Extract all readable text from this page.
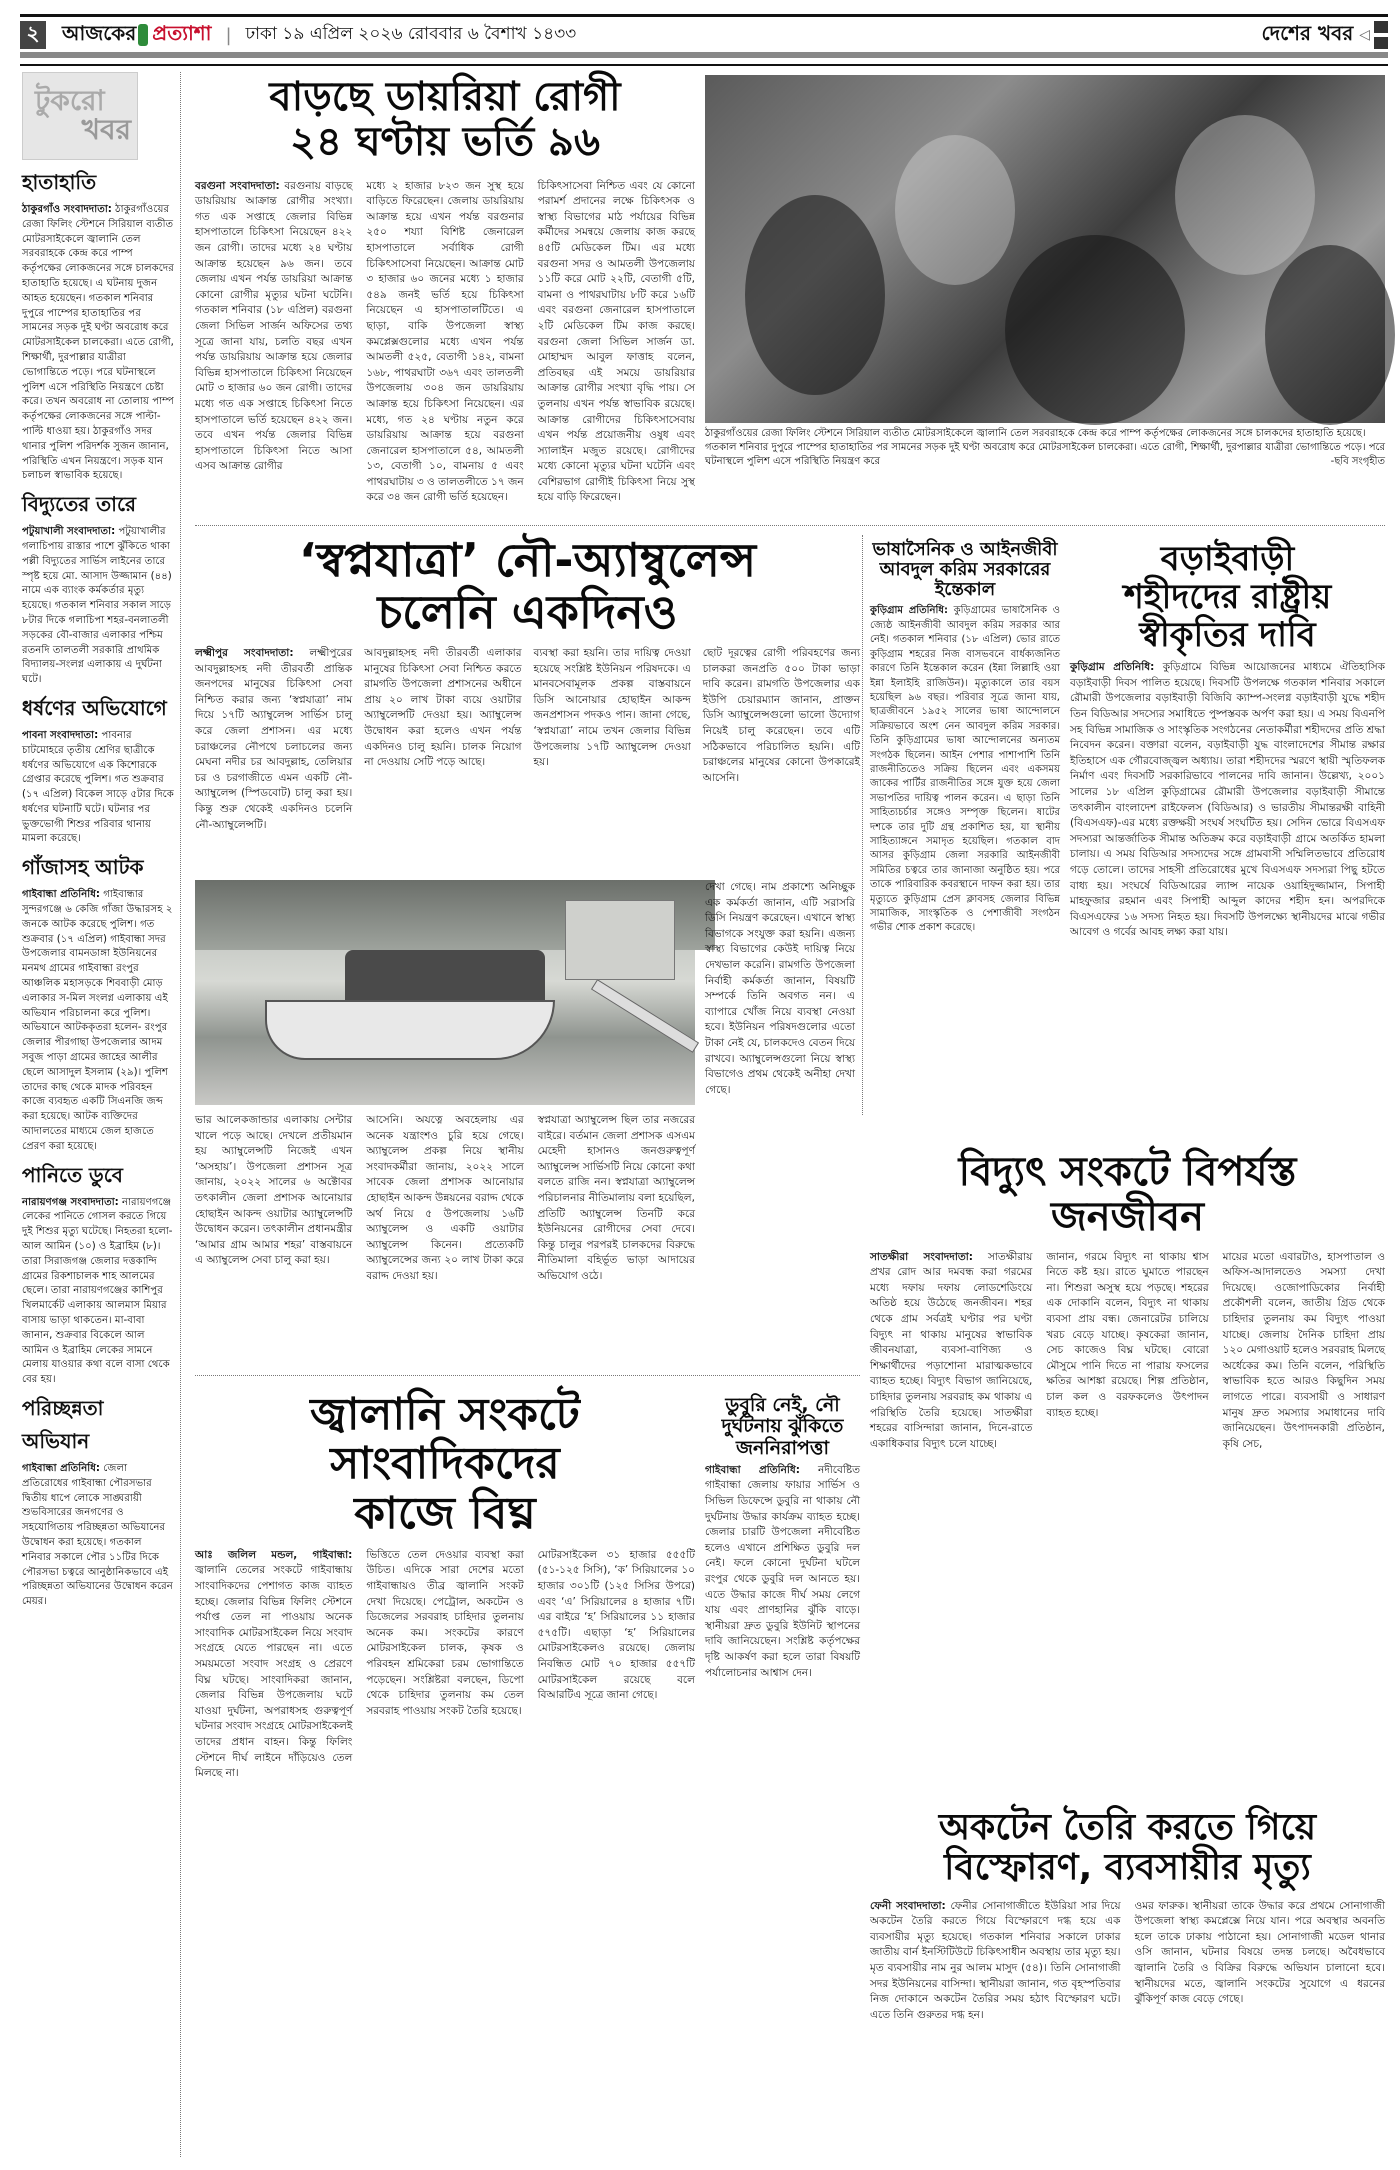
২	আজকের প্রত্যাশা | ঢাকা ১৯ এপ্রিল ২০২৬ রোববার ৬ বৈশাখ ১৪৩৩	দেশের খবর ◁
টুকরো
খবর
হাতাহাতি
ঠাকুরগাঁও সংবাদদাতা: ঠাকুরগাঁওয়ের রেজা ফিলিং স্টেশনে সিরিয়াল ব্যতীত মোটরসাইকেলে জ্বালানি তেল সরবরাহকে কেন্দ্র করে পাম্প কর্তৃপক্ষের লোকজনের সঙ্গে চালকদের হাতাহাতি হয়েছে। এ ঘটনায় দুজন আহত হয়েছেন। গতকাল শনিবার দুপুরে পাম্পের হাতাহাতির পর সামনের সড়ক দুই ঘণ্টা অবরোধ করে মোটরসাইকেল চালকেরা। এতে রোগী, শিক্ষার্থী, দুরপাল্লার যাত্রীরা ভোগান্তিতে পড়ে। পরে ঘটনাস্থলে পুলিশ এসে পরিস্থিতি নিয়ন্ত্রণে চেষ্টা করে। তখন অবরোধ না তোলায় পাম্প কর্তৃপক্ষের লোকজনের সঙ্গে পাল্টা-পাল্টি ধাওয়া হয়। ঠাকুরগাঁও সদর থানার পুলিশ পরিদর্শক সুজন জানান, পরিস্থিতি এখন নিয়ন্ত্রণে। সড়ক যান চলাচল স্বাভাবিক হয়েছে।
বিদ্যুতের তারে
পটুয়াখালী সংবাদদাতা: পটুয়াখালীর গলাচিপায় রাস্তার পাশে ঝুঁকিতে থাকা পল্লী বিদ্যুতের সার্ভিস লাইনের তারে স্পৃষ্ট হয়ে মো. আসাদ উজ্জামান (৪৪) নামে এক ব্যাংক কর্মকর্তার মৃত্যু হয়েছে। গতকাল শনিবার সকাল সাড়ে ৮টার দিকে গলাচিপা শহর-বনলাতলী সড়কের বৌ-বাজার এলাকার পশ্চিম রতনদি তালতলী সরকারি প্রাথমিক বিদ্যালয়-সংলগ্ন এলাকায় এ দুর্ঘটনা ঘটে।
ধর্ষণের অভিযোগে
পাবনা সংবাদদাতা: পাবনার চাটমোহরে তৃতীয় শ্রেণির ছাত্রীকে ধর্ষণের অভিযোগে এক কিশোরকে গ্রেপ্তার করেছে পুলিশ। গত শুক্রবার (১৭ এপ্রিল) বিকেল সাড়ে ৫টার দিকে ধর্ষণের ঘটনাটি ঘটে। ঘটনার পর ভুক্তভোগী শিশুর পরিবার থানায় মামলা করেছে।
গাঁজাসহ আটক
গাইবান্ধা প্রতিনিধি: গাইবান্ধার সুন্দরগঞ্জে ৬ কেজি গাঁজা উদ্ধারসহ ২ জনকে আটক করেছে পুলিশ। গত শুক্রবার (১৭ এপ্রিল) গাইবান্ধা সদর উপজেলার বামনডাঙ্গা ইউনিয়নের মনমথ গ্রামের গাইবান্ধা রংপুর আঞ্চলিক মহাসড়কে শিববাড়ী মোড় এলাকার স-মিল সংলগ্ন এলাকায় এই অভিযান পরিচালনা করে পুলিশ। অভিযানে আটককৃতরা হলেন- রংপুর জেলার পীরগাছা উপজেলার আদম সবুজ পাড়া গ্রামের জাহের আলীর ছেলে আসাদুল ইসলাম (২৯)। পুলিশ তাদের কাছ থেকে মাদক পরিবহন কাজে ব্যবহৃত একটি সিএনজি জব্দ করা হয়েছে। আটক ব্যক্তিদের আদালতের মাধ্যমে জেল হাজতে প্রেরণ করা হয়েছে।
পানিতে ডুবে
নারায়ণগঞ্জ সংবাদদাতা: নারায়ণগঞ্জে লেকের পানিতে গোসল করতে গিয়ে দুই শিশুর মৃত্যু ঘটেছে। নিহতরা হলো- আল আমিন (১০) ও ইব্রাহিম (৮)। তারা সিরাজগঞ্জ জেলার দত্তকান্দি গ্রামের রিকশাচালক শাহ আলমের ছেলে। তারা নারায়ণগঞ্জের কাশিপুর খিলমার্কেট এলাকায় আলমাস মিয়ার বাসায় ভাড়া থাকতেন। মা-বাবা জানান, শুক্রবার বিকেলে আল আমিন ও ইব্রাহিম লেকের সামনে মেলায় যাওয়ার কথা বলে বাসা থেকে বের হয়।
পরিচ্ছন্নতা অভিযান
গাইবান্ধা প্রতিনিধি: জেলা প্রতিরোধের গাইবান্ধা পৌরসভার দ্বিতীয় ধাপে লোকে সাঙ্ঘরায়ী শুভবিসারের জনগণের ও সহযোগিতায় পরিচ্ছন্নতা অভিযানের উদ্বোধন করা হয়েছে। গতকাল শনিবার সকালে পৌর ১১টির দিকে পৌরসভা চত্বরে আনুষ্ঠানিকভাবে এই পরিচ্ছন্নতা অভিযানের উদ্বোধন করেন মেয়র।
বাড়ছে ডায়রিয়া রোগী
২৪ ঘণ্টায় ভর্তি ৯৬
বরগুনা সংবাদদাতা: বরগুনায় বাড়ছে ডায়রিয়ায় আক্রান্ত রোগীর সংখ্যা। গত এক সপ্তাহে জেলার বিভিন্ন হাসপাতালে চিকিৎসা নিয়েছেন ৪২২ জন রোগী। তাদের মধ্যে ২৪ ঘণ্টায় আক্রান্ত হয়েছেন ৯৬ জন। তবে জেলায় এখন পর্যন্ত ডায়রিয়া আক্রান্ত কোনো রোগীর মৃত্যুর ঘটনা ঘটেনি। গতকাল শনিবার (১৮ এপ্রিল) বরগুনা জেলা সিভিল সার্জন অফিসের তথ্য সূত্রে জানা যায়, চলতি বছর এখন পর্যন্ত ডায়রিয়ায় আক্রান্ত হয়ে জেলার বিভিন্ন হাসপাতালে চিকিৎসা নিয়েছেন মোট ৩ হাজার ৬০ জন রোগী। তাদের মধ্যে গত এক সপ্তাহে চিকিৎসা নিতে হাসপাতালে ভর্তি হয়েছেন ৪২২ জন। তবে এখন পর্যন্ত জেলার বিভিন্ন হাসপাতালে চিকিৎসা নিতে আসা এসব আক্রান্ত রোগীর
মধ্যে ২ হাজার ৮২৩ জন সুস্থ হয়ে বাড়িতে ফিরেছেন। জেলায় ডায়রিয়ায় আক্রান্ত হয়ে এখন পর্যন্ত বরগুনার ২৫০ শয্যা বিশিষ্ট জেনারেল হাসপাতালে সর্বাধিক রোগী চিকিৎসাসেবা নিয়েছেন। আক্রান্ত মোট ৩ হাজার ৬০ জনের মধ্যে ১ হাজার ৫৪৯ জনই ভর্তি হয়ে চিকিৎসা নিয়েছেন এ হাসপাতালটিতে। এ ছাড়া, বাকি উপজেলা স্বাস্থ্য কমপ্লেক্সগুলোর মধ্যে এখন পর্যন্ত আমতলী ৫২৫, বেতাগী ১৪২, বামনা ১৬৮, পাথরঘাটা ৩৬৭ এবং তালতলী উপজেলায় ৩০৪ জন ডায়রিয়ায় আক্রান্ত হয়ে চিকিৎসা নিয়েছেন। এর মধ্যে, গত ২৪ ঘণ্টায় নতুন করে ডায়রিয়ায় আক্রান্ত হয়ে বরগুনা জেনারেল হাসপাতালে ৫৪, আমতলী ১৩, বেতাগী ১০, বামনায় ৫ এবং পাথরঘাটায় ৩ ও তালতলীতে ১৭ জন করে ৩৪ জন রোগী ভর্তি হয়েছেন।
চিকিৎসাসেবা নিশ্চিত এবং যে কোনো পরামর্শ প্রদানের লক্ষে চিকিৎসক ও স্বাস্থ্য বিভাগের মাঠ পর্যায়ের বিভিন্ন কর্মীদের সমন্বয়ে জেলায় কাজ করছে ৪৫টি মেডিকেল টিম। এর মধ্যে বরগুনা সদর ও আমতলী উপজেলায় ১১টি করে মোট ২২টি, বেতাগী ৫টি, বামনা ও পাথরঘাটায় ৮টি করে ১৬টি এবং বরগুনা জেনারেল হাসপাতালে ২টি মেডিকেল টিম কাজ করছে।বরগুনা জেলা সিভিল সার্জন ডা. মোহাম্মদ আবুল ফাত্তাহ বলেন, প্রতিবছর এই সময়ে ডায়রিয়ার আক্রান্ত রোগীর সংখ্যা বৃদ্ধি পায়। সে তুলনায় এখন পর্যন্ত স্বাভাবিক রয়েছে। আক্রান্ত রোগীদের চিকিৎসাসেবায় এখন পর্যন্ত প্রয়োজনীয় ওষুধ এবং স্যালাইন মজুত রয়েছে। রোগীদের মধ্যে কোনো মৃত্যুর ঘটনা ঘটেনি এবং বেশিরভাগ রোগীই চিকিৎসা নিয়ে সুস্থ হয়ে বাড়ি ফিরেছেন।
ঠাকুরগাঁওয়ের রেজা ফিলিং স্টেশনে সিরিয়াল ব্যতীত মোটরসাইকেলে জ্বালানি তেল সরবরাহকে কেন্দ্র করে পাম্প কর্তৃপক্ষের লোকজনের সঙ্গে চালকদের হাতাহাতি হয়েছে। গতকাল শনিবার দুপুরে পাম্পের হাতাহাতির পর সামনের সড়ক দুই ঘণ্টা অবরোধ করে মোটরসাইকেল চালকেরা। এতে রোগী, শিক্ষার্থী, দুরপাল্লার যাত্রীরা ভোগান্তিতে পড়ে। পরে ঘটনাস্থলে পুলিশ এসে পরিস্থিতি নিয়ন্ত্রণ করে	-ছবি সংগৃহীত
‘স্বপ্নযাত্রা’ নৌ-অ্যাম্বুলেন্স
চলেনি একদিনও
লক্ষ্মীপুর সংবাদদাতা: লক্ষ্মীপুরের আবদুল্লাহসহ নদী তীরবর্তী প্রান্তিক জনপদের মানুষের চিকিৎসা সেবা নিশ্চিত করার জন্য ‘স্বপ্নযাত্রা’ নাম দিয়ে ১৭টি অ্যাম্বুলেন্স সার্ভিস চালু করে জেলা প্রশাসন। এর মধ্যে চরাঞ্চলের নৌপথে চলাচলের জন্য মেঘনা নদীর চর আবদুল্লাহ, তেলিয়ার চর ও চরগাজীতে এমন একটি নৌ-অ্যাম্বুলেন্স (স্পিডবোট) চালু করা হয়। কিন্তু শুরু থেকেই একদিনও চলেনি নৌ-অ্যাম্বুলেন্সটি।
আবদুল্লাহসহ নদী তীরবর্তী এলাকার মানুষের চিকিৎসা সেবা নিশ্চিত করতে রামগতি উপজেলা প্রশাসনের অধীনে প্রায় ২০ লাখ টাকা ব্যয়ে ওয়াটার অ্যাম্বুলেন্সটি দেওয়া হয়। অ্যাম্বুলেন্স উদ্বোধন করা হলেও এখন পর্যন্ত একদিনও চালু হয়নি। চালক নিয়োগ না দেওয়ায় সেটি পড়ে আছে।
ব্যবস্থা করা হয়নি। তার দায়িত্ব দেওয়া হয়েছে সংশ্লিষ্ট ইউনিয়ন পরিষদকে। এ মানবসেবামূলক প্রকল্প বাস্তবায়নে ডিসি আনোয়ার হোছাইন আকন্দ জনপ্রশাসন পদকও পান। জানা গেছে, ‘স্বপ্নযাত্রা’ নামে তখন জেলার বিভিন্ন উপজেলায় ১৭টি অ্যাম্বুলেন্স দেওয়া হয়।
ছোট দূরত্বের রোগী পরিবহণের জন্য চালকরা জনপ্রতি ৫০০ টাকা ভাড়া দাবি করেন। রামগতি উপজেলার এক ইউপি চেয়ারম্যান জানান, প্রাক্তন ডিসি অ্যাম্বুলেন্সগুলো ভালো উদ্যোগ নিয়েই চালু করেছেন। তবে এটি সঠিকভাবে পরিচালিত হয়নি। এটি চরাঞ্চলের মানুষের কোনো উপকারেই আসেনি।
ভার আলেকজান্ডার এলাকায় সেন্টার খালে পড়ে আছে। দেখলে প্রতীয়মান হয় অ্যাম্বুলেন্সটি নিজেই এখন ‘অসহায়’। উপজেলা প্রশাসন সূত্র জানায়, ২০২২ সালের ৬ অক্টোবর তৎকালীন জেলা প্রশাসক আনোয়ার হোছাইন আকন্দ ওয়াটার অ্যাম্বুলেন্সটি উদ্বোধন করেন। তৎকালীন প্রধানমন্ত্রীর ‘আমার গ্রাম আমার শহর’ বাস্তবায়নে এ অ্যাম্বুলেন্স সেবা চালু করা হয়।
আসেনি। অযত্নে অবহেলায় এর অনেক যন্ত্রাংশও চুরি হয়ে গেছে। অ্যাম্বুলেন্স প্রকল্প নিয়ে স্থানীয় সংবাদকর্মীরা জানায়, ২০২২ সালে সাবেক জেলা প্রশাসক আনোয়ার হোছাইন আকন্দ উন্নয়নের বরাদ্দ থেকে অর্থ নিয়ে ৫ উপজেলায় ১৬টি অ্যাম্বুলেন্স ও একটি ওয়াটার অ্যাম্বুলেন্স কিনেন। প্রত্যেকটি অ্যাম্বুলেন্সের জন্য ২০ লাখ টাকা করে বরাদ্দ দেওয়া হয়।
স্বপ্নযাত্রা অ্যাম্বুলেন্স ছিল তার নজরের বাইরে। বর্তমান জেলা প্রশাসক এসএম মেহেদী হাসানও জনগুরুত্বপূর্ণ অ্যাম্বুলেন্স সার্ভিসটি নিয়ে কোনো কথা বলতে রাজি নন। স্বপ্নযাত্রা অ্যাম্বুলেন্স পরিচালনার নীতিমালায় বলা হয়েছিল, প্রতিটি অ্যাম্বুলেন্স তিনটি করে ইউনিয়নের রোগীদের সেবা দেবে। কিন্তু চালুর পরপরই চালকদের বিরুদ্ধে নীতিমালা বহির্ভূত ভাড়া আদায়ের অভিযোগ ওঠে।
দেখা গেছে। নাম প্রকাশ্যে অনিচ্ছুক এক কর্মকর্তা জানান, এটি সরাসরি ডিসি নিয়ন্ত্রণ করেছেন। এখানে স্বাস্থ্য বিভাগকে সংযুক্ত করা হয়নি। এজন্য স্বাস্থ্য বিভাগের কেউই দায়িত্ব নিয়ে দেখভাল করেনি। রামগতি উপজেলা নির্বাহী কর্মকর্তা জানান, বিষয়টি সম্পর্কে তিনি অবগত নন। এ ব্যাপারে খোঁজ নিয়ে ব্যবস্থা নেওয়া হবে। ইউনিয়ন পরিষদগুলোর এতো টাকা নেই যে, চালকদেও বেতন দিয়ে রাখবে। অ্যাম্বুলেন্সগুলো নিয়ে স্বাস্থ্য বিভাগেও প্রথম থেকেই অনীহা দেখা গেছে।
ভাষাসৈনিক ও আইনজীবী আবদুল করিম সরকারের ইন্তেকাল
কুড়িগ্রাম প্রতিনিধি: কুড়িগ্রামের ভাষাসৈনিক ও জ্যেষ্ঠ আইনজীবী আবদুল করিম সরকার আর নেই। গতকাল শনিবার (১৮ এপ্রিল) ভোর রাতে কুড়িগ্রাম শহরের নিজ বাসভবনে বার্ধক্যজনিত কারণে তিনি ইন্তেকাল করেন (ইন্না লিল্লাহি ওয়া ইন্না ইলাইহি রাজিউন)। মৃত্যুকালে তার বয়স হয়েছিল ৯৬ বছর। পরিবার সূত্রে জানা যায়, ছাত্রজীবনে ১৯৫২ সালের ভাষা আন্দোলনে সক্রিয়ভাবে অংশ নেন আবদুল করিম সরকার। তিনি কুড়িগ্রামের ভাষা আন্দোলনের অন্যতম সংগঠক ছিলেন। আইন পেশার পাশাপাশি তিনি রাজনীতিতেও সক্রিয় ছিলেন এবং একসময় জাকের পার্টির রাজনীতির সঙ্গে যুক্ত হয়ে জেলা সভাপতির দায়িত্ব পালন করেন। এ ছাড়া তিনি সাহিত্যচর্চার সঙ্গেও সম্পৃক্ত ছিলেন। ষাটের দশকে তার দুটি গ্রন্থ প্রকাশিত হয়, যা স্থানীয় সাহিত্যাঙ্গনে সমাদৃত হয়েছিল। গতকাল বাদ আসর কুড়িগ্রাম জেলা সরকারি আইনজীবী সমিতির চত্বরে তার জানাজা অনুষ্ঠিত হয়। পরে তাকে পারিবারিক কবরস্থানে দাফন করা হয়। তার মৃত্যুতে কুড়িগ্রাম প্রেস ক্লাবসহ জেলার বিভিন্ন সামাজিক, সাংস্কৃতিক ও পেশাজীবী সংগঠন গভীর শোক প্রকাশ করেছে।
বড়াইবাড়ী
শহীদদের রাষ্ট্রীয়
স্বীকৃতির দাবি
কুড়িগ্রাম প্রতিনিধি: কুড়িগ্রামে বিভিন্ন আয়োজনের মাধ্যমে ঐতিহাসিক বড়াইবাড়ী দিবস পালিত হয়েছে। দিবসটি উপলক্ষে গতকাল শনিবার সকালে রৌমারী উপজেলার বড়াইবাড়ী বিজিবি ক্যাম্প-সংলগ্ন বড়াইবাড়ী যুদ্ধে শহীদ তিন বিডিআর সদস্যের সমাধিতে পুষ্পস্তবক অর্পণ করা হয়। এ সময় বিএনপি সহ বিভিন্ন সামাজিক ও সাংস্কৃতিক সংগঠনের নেতাকর্মীরা শহীদদের প্রতি শ্রদ্ধা নিবেদন করেন। বক্তারা বলেন, বড়াইবাড়ী যুদ্ধ বাংলাদেশের সীমান্ত রক্ষার ইতিহাসে এক গৌরবোজ্জ্বল অধ্যায়। তারা শহীদদের স্মরণে স্থায়ী স্মৃতিফলক নির্মাণ এবং দিবসটি সরকারিভাবে পালনের দাবি জানান। উল্লেখ্য, ২০০১ সালের ১৮ এপ্রিল কুড়িগ্রামের রৌমারী উপজেলার বড়াইবাড়ী সীমান্তে তৎকালীন বাংলাদেশ রাইফেলস (বিডিআর) ও ভারতীয় সীমান্তরক্ষী বাহিনী (বিএসএফ)-এর মধ্যে রক্তক্ষয়ী সংঘর্ষ সংঘটিত হয়। সেদিন ভোরে বিএসএফ সদস্যরা আন্তর্জাতিক সীমান্ত অতিক্রম করে বড়াইবাড়ী গ্রামে অতর্কিত হামলা চালায়। এ সময় বিডিআর সদস্যদের সঙ্গে গ্রামবাসী সম্মিলিতভাবে প্রতিরোধ গড়ে তোলে। তাদের সাহসী প্রতিরোধের মুখে বিএসএফ সদস্যরা পিছু হটতে বাধ্য হয়। সংঘর্ষে বিডিআরের ল্যান্স নায়েক ওয়াহিদুজ্জামান, সিপাহী মাহফুজার রহমান এবং সিপাহী আব্দুল কাদের শহীদ হন। অপরদিকে বিএসএফের ১৬ সদস্য নিহত হয়। দিবসটি উপলক্ষ্যে স্থানীয়দের মাঝে গভীর আবেগ ও গর্বের আবহ লক্ষ্য করা যায়।
বিদ্যুৎ সংকটে বিপর্যস্ত
জনজীবন
সাতক্ষীরা সংবাদদাতা: সাতক্ষীরায় প্রখর রোদ আর দমবন্ধ করা গরমের মধ্যে দফায় দফায় লোডশেডিংয়ে অতিষ্ঠ হয়ে উঠেছে জনজীবন। শহর থেকে গ্রাম সর্বত্রই ঘণ্টার পর ঘণ্টা বিদ্যুৎ না থাকায় মানুষের স্বাভাবিক জীবনযাত্রা, ব্যবসা-বাণিজ্য ও শিক্ষার্থীদের পড়াশোনা মারাত্মকভাবে ব্যাহত হচ্ছে। বিদ্যুৎ বিভাগ জানিয়েছে, চাহিদার তুলনায় সরবরাহ কম থাকায় এ পরিস্থিতি তৈরি হয়েছে। সাতক্ষীরা শহরের বাসিন্দারা জানান, দিনে-রাতে একাধিকবার বিদ্যুৎ চলে যাচ্ছে।
জানান, গরমে বিদ্যুৎ না থাকায় শ্বাস নিতে কষ্ট হয়। রাতে ঘুমাতে পারছেন না। শিশুরা অসুস্থ হয়ে পড়ছে। শহরের এক দোকানি বলেন, বিদ্যুৎ না থাকায় ব্যবসা প্রায় বন্ধ। জেনারেটর চালিয়ে খরচ বেড়ে যাচ্ছে। কৃষকেরা জানান, সেচ কাজেও বিঘ্ন ঘটছে। বোরো মৌসুমে পানি দিতে না পারায় ফসলের ক্ষতির আশঙ্কা রয়েছে। শিল্প প্রতিষ্ঠান, চাল কল ও বরফকলেও উৎপাদন ব্যাহত হচ্ছে।
মায়ের মতো এবারটাও, হাসপাতাল ও অফিস-আদালতেও সমস্যা দেখা দিয়েছে। ওজোপাডিকোর নির্বাহী প্রকৌশলী বলেন, জাতীয় গ্রিড থেকে চাহিদার তুলনায় কম বিদ্যুৎ পাওয়া যাচ্ছে। জেলায় দৈনিক চাহিদা প্রায় ১২০ মেগাওয়াট হলেও সরবরাহ মিলছে অর্ধেকের কম। তিনি বলেন, পরিস্থিতি স্বাভাবিক হতে আরও কিছুদিন সময় লাগতে পারে। ব্যবসায়ী ও সাধারণ মানুষ দ্রুত সমস্যার সমাধানের দাবি জানিয়েছেন। উৎপাদনকারী প্রতিষ্ঠান, কৃষি সেচ,
জ্বালানি সংকটে
সাংবাদিকদের
কাজে বিঘ্ন
আঃ জলিল মন্ডল, গাইবান্ধা: জ্বালানি তেলের সংকটে গাইবান্ধায় সাংবাদিকদের পেশাগত কাজ ব্যাহত হচ্ছে। জেলার বিভিন্ন ফিলিং স্টেশনে পর্যাপ্ত তেল না পাওয়ায় অনেক সাংবাদিক মোটরসাইকেল নিয়ে সংবাদ সংগ্রহে যেতে পারছেন না। এতে সময়মতো সংবাদ সংগ্রহ ও প্রেরণে বিঘ্ন ঘটছে। সাংবাদিকরা জানান, জেলার বিভিন্ন উপজেলায় ঘটে যাওয়া দুর্ঘটনা, অপরাধসহ গুরুত্বপূর্ণ ঘটনার সংবাদ সংগ্রহে মোটরসাইকেলই তাদের প্রধান বাহন। কিন্তু ফিলিং স্টেশনে দীর্ঘ লাইনে দাঁড়িয়েও তেল মিলছে না।
ভিত্তিতে তেল দেওয়ার ব্যবস্থা করা উচিত। এদিকে সারা দেশের মতো গাইবান্ধায়ও তীব্র জ্বালানি সংকট দেখা দিয়েছে। পেট্রোল, অকটেন ও ডিজেলের সরবরাহ চাহিদার তুলনায় অনেক কম। সংকটের কারণে মোটরসাইকেল চালক, কৃষক ও পরিবহন শ্রমিকেরা চরম ভোগান্তিতে পড়েছেন। সংশ্লিষ্টরা বলছেন, ডিপো থেকে চাহিদার তুলনায় কম তেল সরবরাহ পাওয়ায় সংকট তৈরি হয়েছে।
মোটরসাইকেল ৩১ হাজার ৫৫৫টি (৫১-১২৫ সিসি), ‘ক’ সিরিয়ালের ১০ হাজার ৩০১টি (১২৫ সিসির উপরে) এবং ‘এ’ সিরিয়ালের ৪ হাজার ৭টি। এর বাইরে ‘হ’ সিরিয়ালের ১১ হাজার ৫৭৫টি। এছাড়া ‘হ’ সিরিয়ালের মোটরসাইকেলও রয়েছে। জেলায় নিবন্ধিত মোট ৭০ হাজার ৫৫৭টি মোটরসাইকেল রয়েছে বলে বিআরটিএ সূত্রে জানা গেছে।
ডুবুরি নেই, নৌ দুর্ঘটনায় ঝুঁকিতে জননিরাপত্তা
গাইবান্ধা প্রতিনিধি: নদীবেষ্টিত গাইবান্ধা জেলায় ফায়ার সার্ভিস ও সিভিল ডিফেন্সে ডুবুরি না থাকায় নৌ দুর্ঘটনায় উদ্ধার কার্যক্রম ব্যাহত হচ্ছে। জেলার চারটি উপজেলা নদীবেষ্টিত হলেও এখানে প্রশিক্ষিত ডুবুরি দল নেই। ফলে কোনো দুর্ঘটনা ঘটলে রংপুর থেকে ডুবুরি দল আনতে হয়। এতে উদ্ধার কাজে দীর্ঘ সময় লেগে যায় এবং প্রাণহানির ঝুঁকি বাড়ে। স্থানীয়রা দ্রুত ডুবুরি ইউনিট স্থাপনের দাবি জানিয়েছেন। সংশ্লিষ্ট কর্তৃপক্ষের দৃষ্টি আকর্ষণ করা হলে তারা বিষয়টি পর্যালোচনার আশ্বাস দেন।
অকটেন তৈরি করতে গিয়ে
বিস্ফোরণ, ব্যবসায়ীর মৃত্যু
ফেনী সংবাদদাতা: ফেনীর সোনাগাজীতে ইউরিয়া সার দিয়ে অকটেন তৈরি করতে গিয়ে বিস্ফোরণে দগ্ধ হয়ে এক ব্যবসায়ীর মৃত্যু হয়েছে। গতকাল শনিবার সকালে ঢাকার জাতীয় বার্ন ইনস্টিটিউটে চিকিৎসাধীন অবস্থায় তার মৃত্যু হয়। মৃত ব্যবসায়ীর নাম নুর আলম মাসুদ (৫৪)। তিনি সোনাগাজী সদর ইউনিয়নের বাসিন্দা। স্থানীয়রা জানান, গত বৃহস্পতিবার নিজ দোকানে অকটেন তৈরির সময় হঠাৎ বিস্ফোরণ ঘটে। এতে তিনি গুরুতর দগ্ধ হন।
ওমর ফারুক। স্থানীয়রা তাকে উদ্ধার করে প্রথমে সোনাগাজী উপজেলা স্বাস্থ্য কমপ্লেক্সে নিয়ে যান। পরে অবস্থার অবনতি হলে তাকে ঢাকায় পাঠানো হয়। সোনাগাজী মডেল থানার ওসি জানান, ঘটনার বিষয়ে তদন্ত চলছে। অবৈধভাবে জ্বালানি তৈরি ও বিক্রির বিরুদ্ধে অভিযান চালানো হবে। স্থানীয়দের মতে, জ্বালানি সংকটের সুযোগে এ ধরনের ঝুঁকিপূর্ণ কাজ বেড়ে গেছে।
